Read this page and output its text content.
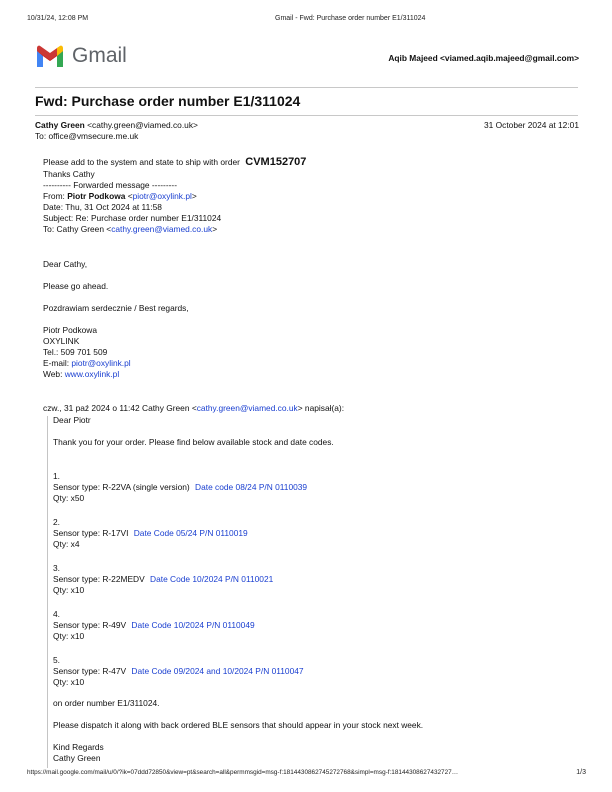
10/31/24, 12:08 PM	Gmail - Fwd: Purchase order number E1/311024
Gmail	Aqib Majeed <viamed.aqib.majeed@gmail.com>
Fwd: Purchase order number E1/311024
Cathy Green <cathy.green@viamed.co.uk>	31 October 2024 at 12:01
To: office@vmsecure.me.uk
Please add to the system and state to ship with order CVM152707
Thanks Cathy
---------- Forwarded message ---------
From: Piotr Podkowa <piotr@oxylink.pl>
Date: Thu, 31 Oct 2024 at 11:58
Subject: Re: Purchase order number E1/311024
To: Cathy Green <cathy.green@viamed.co.uk>
Dear Cathy,
Please go ahead.
Pozdrawiam serdecznie / Best regards,
Piotr Podkowa
OXYLINK
Tel.: 509 701 509
E-mail: piotr@oxylink.pl
Web: www.oxylink.pl
czw., 31 paź 2024 o 11:42 Cathy Green <cathy.green@viamed.co.uk> napisał(a):
Dear Piotr
Thank you for your order. Please find below available stock and date codes.
1.
Sensor type: R-22VA (single version) Date code 08/24 P/N 0110039
Qty: x50
2.
Sensor type: R-17VI Date Code 05/24 P/N 0110019
Qty: x4
3.
Sensor type: R-22MEDV Date Code 10/2024 P/N 0110021
Qty: x10
4.
Sensor type: R-49V Date Code 10/2024 P/N 0110049
Qty: x10
5.
Sensor type: R-47V Date Code 09/2024 and 10/2024 P/N 0110047
Qty: x10
on order number E1/311024.
Please dispatch it along with back ordered BLE sensors that should appear in your stock next week.
Kind Regards
Cathy Green
https://mail.google.com/mail/u/0/?ik=07ddd72850&view=pt&search=all&permmsgid=msg-f:1814430862745272768&simpl=msg-f:18144308627432727…	1/3
